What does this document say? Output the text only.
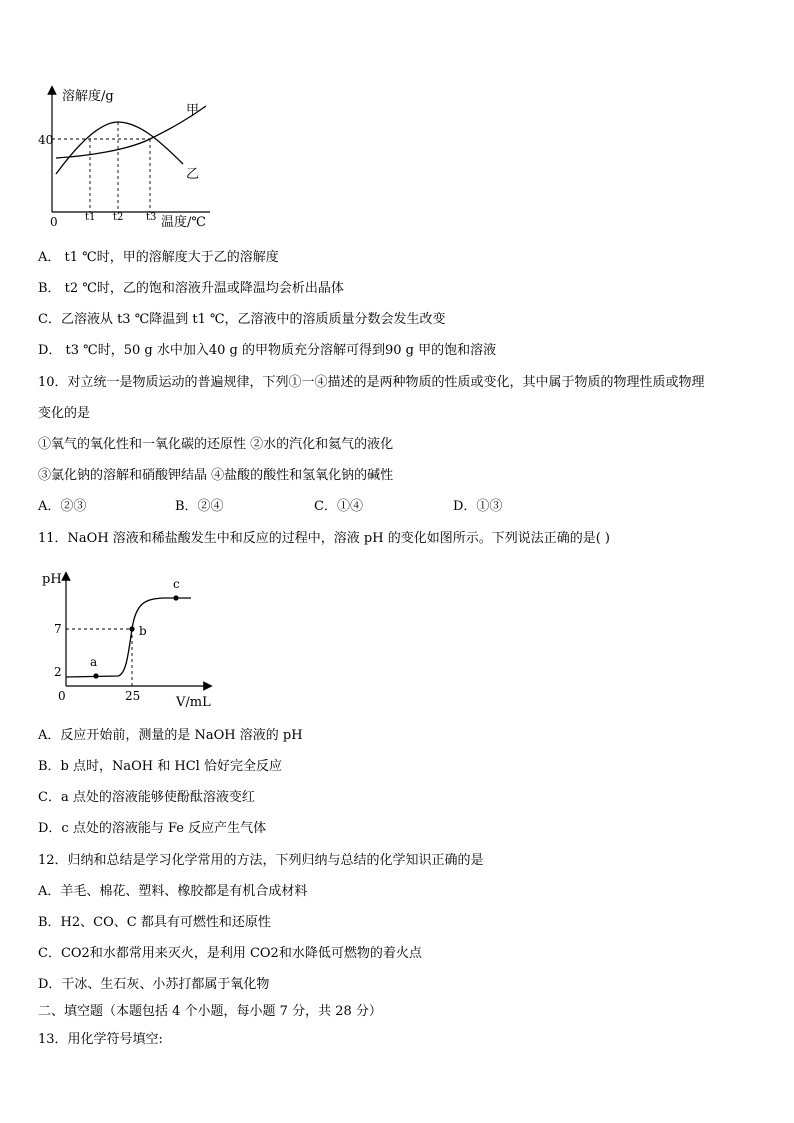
溶解度/g
40
0	t1 t2 t3 温度/℃
甲
乙
A． t1 ℃时，甲的溶解度大于乙的溶解度
B． t2 ℃时，乙的饱和溶液升温或降温均会析出晶体
C．乙溶液从 t3 ℃降温到 t1 ℃，乙溶液中的溶质质量分数会发生改变
D． t3 ℃时，50 g 水中加入40 g 的甲物质充分溶解可得到90 g 甲的饱和溶液
10．对立统一是物质运动的普遍规律，下列①一④描述的是两种物质的性质或变化，其中属于物质的物理性质或物理
变化的是
①氧气的氧化性和一氧化碳的还原性 ②水的汽化和氦气的液化
③氯化钠的溶解和硝酸钾结晶 ④盐酸的酸性和氢氧化钠的碱性
A．②③	B．②④	C．①④	D．①③
11．NaOH 溶液和稀盐酸发生中和反应的过程中，溶液 pH 的变化如图所示。下列说法正确的是( )
pH
7
2
0	25	V/mL
a
b
c
A．反应开始前，测量的是 NaOH 溶液的 pH
B．b 点时，NaOH 和 HCl 恰好完全反应
C．a 点处的溶液能够使酚酞溶液变红
D．c 点处的溶液能与 Fe 反应产生气体
12．归纳和总结是学习化学常用的方法，下列归纳与总结的化学知识正确的是
A．羊毛、棉花、塑料、橡胶都是有机合成材料
B．H2、CO、C 都具有可燃性和还原性
C．CO2和水都常用来灭火，是利用 CO2和水降低可燃物的着火点
D．干冰、生石灰、小苏打都属于氧化物
二、填空题（本题包括 4 个小题，每小题 7 分，共 28 分）
13．用化学符号填空:
